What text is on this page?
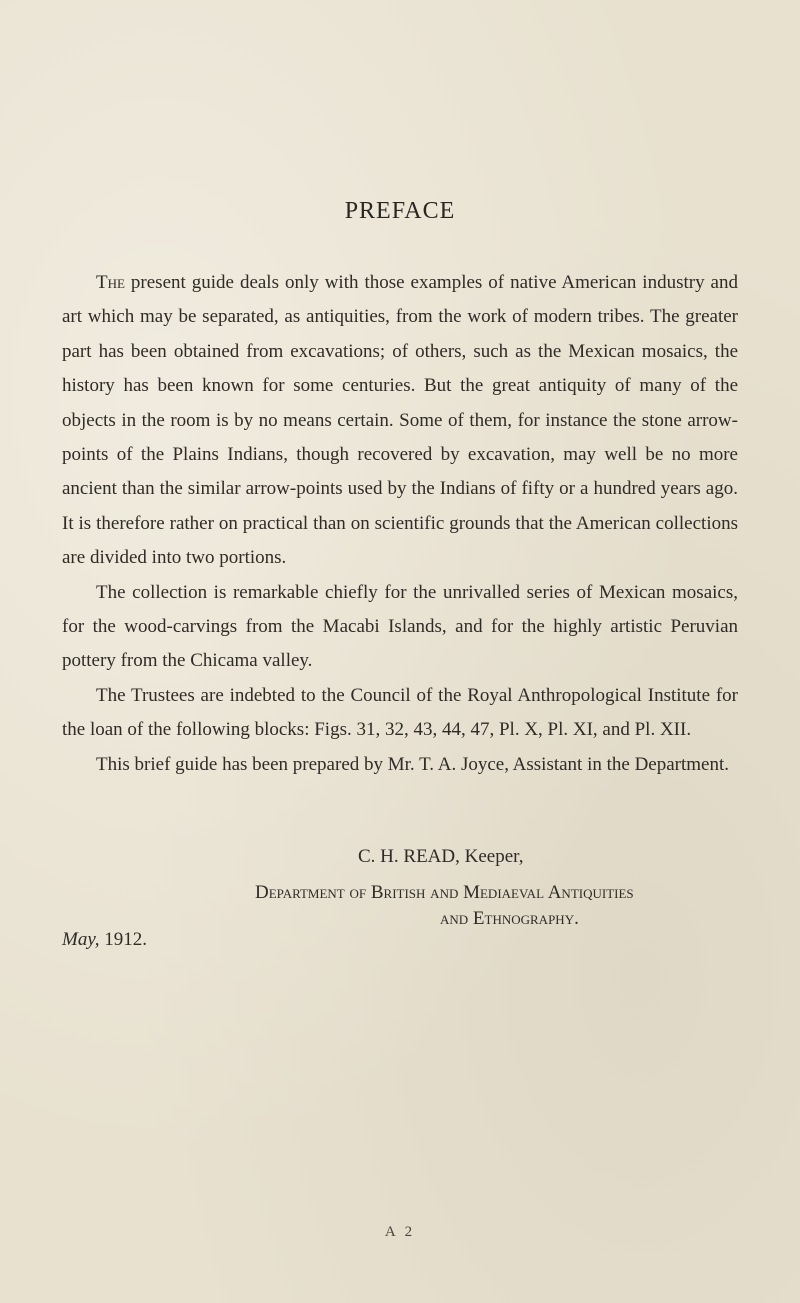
PREFACE

The present guide deals only with those examples of native American industry and art which may be separated, as antiquities, from the work of modern tribes. The greater part has been obtained from excavations; of others, such as the Mexican mosaics, the history has been known for some centuries. But the great antiquity of many of the objects in the room is by no means certain. Some of them, for instance the stone arrow-points of the Plains Indians, though recovered by excavation, may well be no more ancient than the similar arrow-points used by the Indians of fifty or a hundred years ago. It is therefore rather on practical than on scientific grounds that the American collections are divided into two portions.

The collection is remarkable chiefly for the unrivalled series of Mexican mosaics, for the wood-carvings from the Macabi Islands, and for the highly artistic Peruvian pottery from the Chicama valley.

The Trustees are indebted to the Council of the Royal Anthropological Institute for the loan of the following blocks: Figs. 31, 32, 43, 44, 47, Pl. X, Pl. XI, and Pl. XII.

This brief guide has been prepared by Mr. T. A. Joyce, Assistant in the Department.

C. H. READ, Keeper,
Department of British and Mediaeval Antiquities
and Ethnography.
May, 1912.
A 2
